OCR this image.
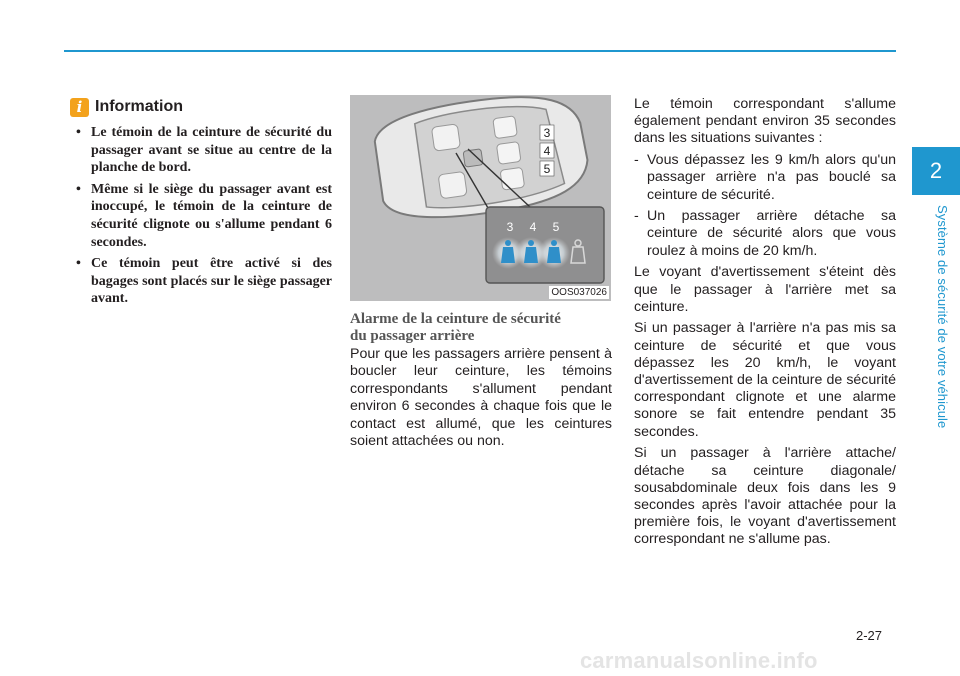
2
Système de sécurité de votre véhicule
i Information
• Le témoin de la ceinture de sécurité du passager avant se situe au centre de la planche de bord.
• Même si le siège du passager avant est inoccupé, le témoin de la ceinture de sécurité clignote ou s'allume pendant 6 secondes.
• Ce témoin peut être activé si des bagages sont placés sur le siège passager avant.
3
4
5
3 4 5
OOS037026
Alarme de la ceinture de sécurité
du passager arrière

Pour que les passagers arrière pensent à boucler leur ceinture, les témoins correspondants s'allument pendant environ 6 secondes à chaque fois que le contact est allumé, que les ceintures soient attachées ou non.

Le témoin correspondant s'allume également pendant environ 35 secondes dans les situations suivantes :

- Vous dépassez les 9 km/h alors qu'un passager arrière n'a pas bouclé sa ceinture de sécurité.
- Un passager arrière détache sa ceinture de sécurité alors que vous roulez à moins de 20 km/h.

Le voyant d'avertissement s'éteint dès que le passager à l'arrière met sa ceinture.

Si un passager à l'arrière n'a pas mis sa ceinture de sécurité et que vous dépassez les 20 km/h, le voyant d'avertissement de la ceinture de sécurité correspondant clignote et une alarme sonore se fait entendre pendant 35 secondes.

Si un passager à l'arrière attache/ détache sa ceinture diagonale/ sousabdominale deux fois dans les 9 secondes après l'avoir attachée pour la première fois, le voyant d'avertissement correspondant ne s'allume pas.

2-27
carmanualsonline.info
